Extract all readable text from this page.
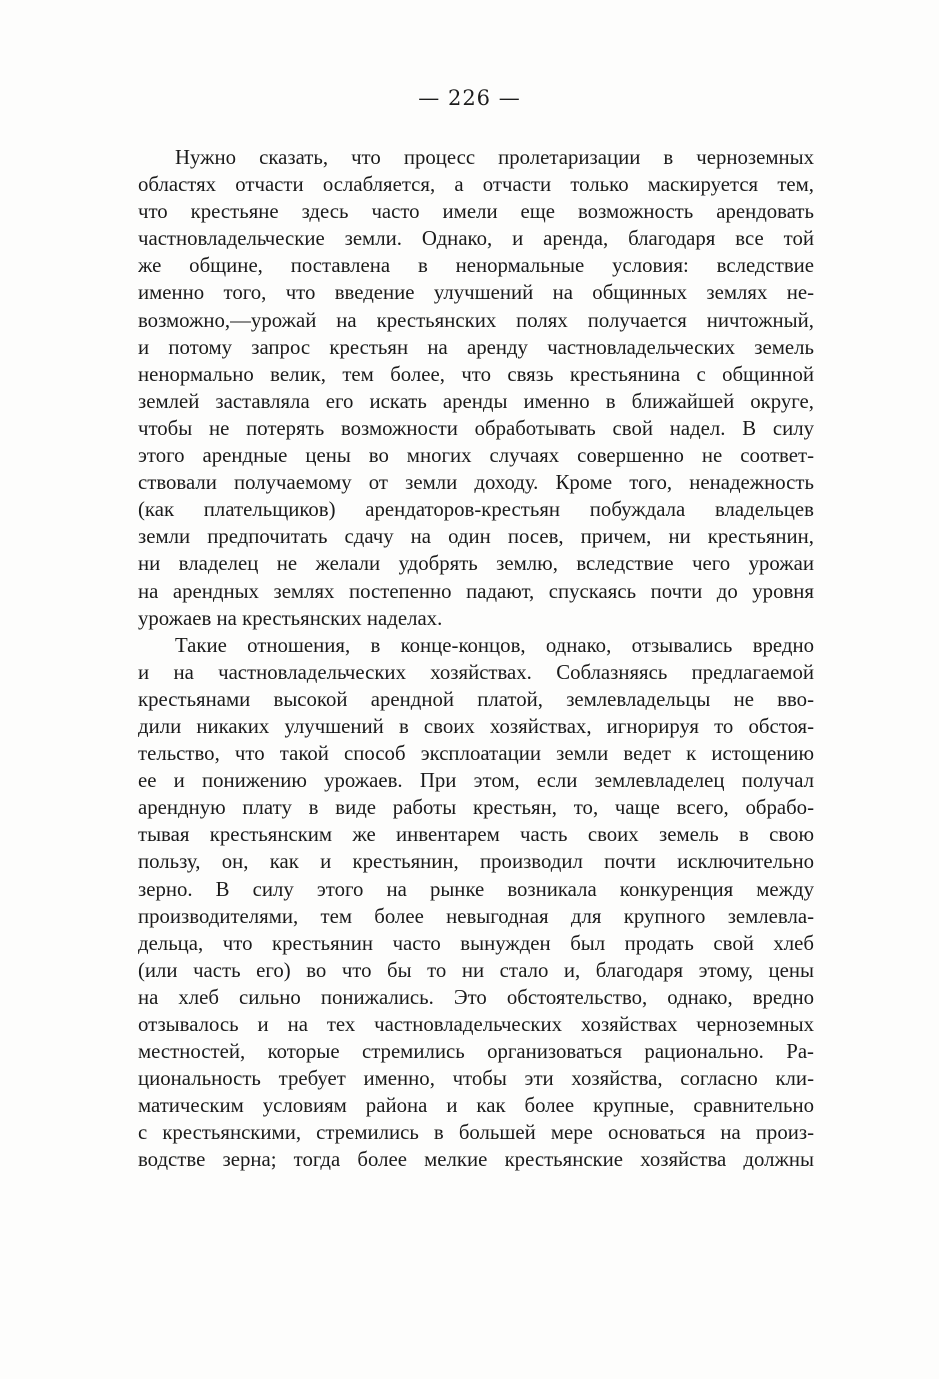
— 226 —
Нужно сказать, что процесс пролетаризации в черноземных
областях отчасти ослабляется, а отчасти только маскируется тем,
что крестьяне здесь часто имели еще возможность арендовать
частновладельческие земли. Однако, и аренда, благодаря все той
же общине, поставлена в ненормальные условия: вследствие
именно того, что введение улучшений на общинных землях не-
возможно,—урожай на крестьянских полях получается ничтожный,
и потому запрос крестьян на аренду частновладельческих земель
ненормально велик, тем более, что связь крестьянина с общинной
землей заставляла его искать аренды именно в ближайшей округе,
чтобы не потерять возможности обработывать свой надел. В силу
этого арендные цены во многих случаях совершенно не соответ-
ствовали получаемому от земли доходу. Кроме того, ненадежность
(как плательщиков) арендаторов-крестьян побуждала владельцев
земли предпочитать сдачу на один посев, причем, ни крестьянин,
ни владелец не желали удобрять землю, вследствие чего урожаи
на арендных землях постепенно падают, спускаясь почти до уровня
урожаев на крестьянских наделах.
Такие отношения, в конце-концов, однако, отзывались вредно
и на частновладельческих хозяйствах. Соблазняясь предлагаемой
крестьянами высокой арендной платой, землевладельцы не вво-
дили никаких улучшений в своих хозяйствах, игнорируя то обстоя-
тельство, что такой способ эксплоатации земли ведет к истощению
ее и понижению урожаев. При этом, если землевладелец получал
арендную плату в виде работы крестьян, то, чаще всего, обрабо-
тывая крестьянским же инвентарем часть своих земель в свою
пользу, он, как и крестьянин, производил почти исключительно
зерно. В силу этого на рынке возникала конкуренция между
производителями, тем более невыгодная для крупного землевла-
дельца, что крестьянин часто вынужден был продать свой хлеб
(или часть его) во что бы то ни стало и, благодаря этому, цены
на хлеб сильно понижались. Это обстоятельство, однако, вредно
отзывалось и на тех частновладельческих хозяйствах черноземных
местностей, которые стремились организоваться рационально. Ра-
циональность требует именно, чтобы эти хозяйства, согласно кли-
матическим условиям района и как более крупные, сравнительно
с крестьянскими, стремились в большей мере основаться на произ-
водстве зерна; тогда более мелкие крестьянские хозяйства должны
